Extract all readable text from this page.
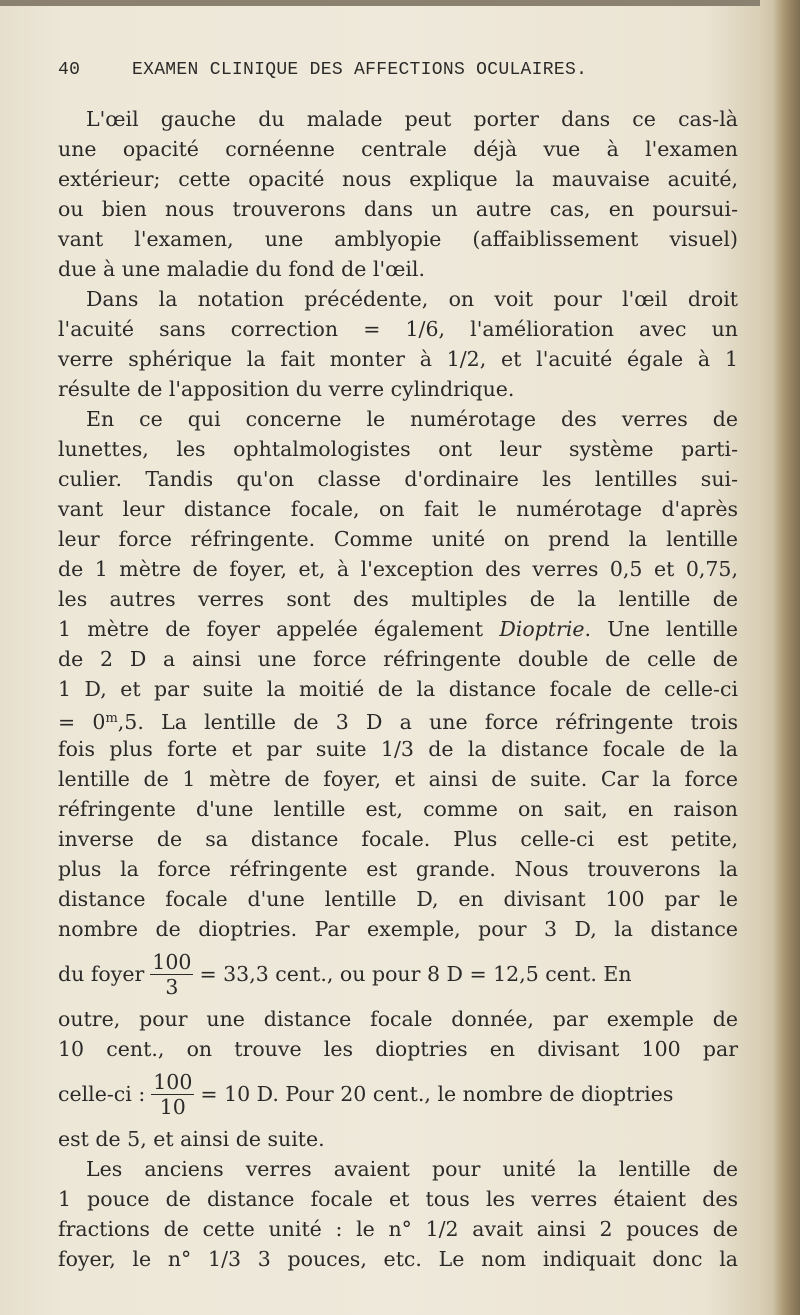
40	EXAMEN CLINIQUE DES AFFECTIONS OCULAIRES.
L'œil gauche du malade peut porter dans ce cas-là
une opacité cornéenne centrale déjà vue à l'examen
extérieur; cette opacité nous explique la mauvaise acuité,
ou bien nous trouverons dans un autre cas, en poursui-
vant l'examen, une amblyopie (affaiblissement visuel)
due à une maladie du fond de l'œil.
Dans la notation précédente, on voit pour l'œil droit
l'acuité sans correction = 1/6, l'amélioration avec un
verre sphérique la fait monter à 1/2, et l'acuité égale à 1
résulte de l'apposition du verre cylindrique.
En ce qui concerne le numérotage des verres de
lunettes, les ophtalmologistes ont leur système parti-
culier. Tandis qu'on classe d'ordinaire les lentilles sui-
vant leur distance focale, on fait le numérotage d'après
leur force réfringente. Comme unité on prend la lentille
de 1 mètre de foyer, et, à l'exception des verres 0,5 et 0,75,
les autres verres sont des multiples de la lentille de
1 mètre de foyer appelée également Dioptrie. Une lentille
de 2 D a ainsi une force réfringente double de celle de
1 D, et par suite la moitié de la distance focale de celle-ci
= $0^m,5$. La lentille de 3 D a une force réfringente trois
fois plus forte et par suite 1/3 de la distance focale de la
lentille de 1 mètre de foyer, et ainsi de suite. Car la force
réfringente d'une lentille est, comme on sait, en raison
inverse de sa distance focale. Plus celle-ci est petite,
plus la force réfringente est grande. Nous trouverons la
distance focale d'une lentille D, en divisant 100 par le
nombre de dioptries. Par exemple, pour 3 D, la distance
du foyer $\frac{100}{3} = 33,3$ cent., ou pour 8 D = 12,5 cent. En
outre, pour une distance focale donnée, par exemple de
10 cent., on trouve les dioptries en divisant 100 par
celle-ci : $\frac{100}{10} = 10$ D. Pour 20 cent., le nombre de dioptries
est de 5, et ainsi de suite.
Les anciens verres avaient pour unité la lentille de
1 pouce de distance focale et tous les verres étaient des
fractions de cette unité : le n° 1/2 avait ainsi 2 pouces de
foyer, le n° 1/3 3 pouces, etc. Le nom indiquait donc la
